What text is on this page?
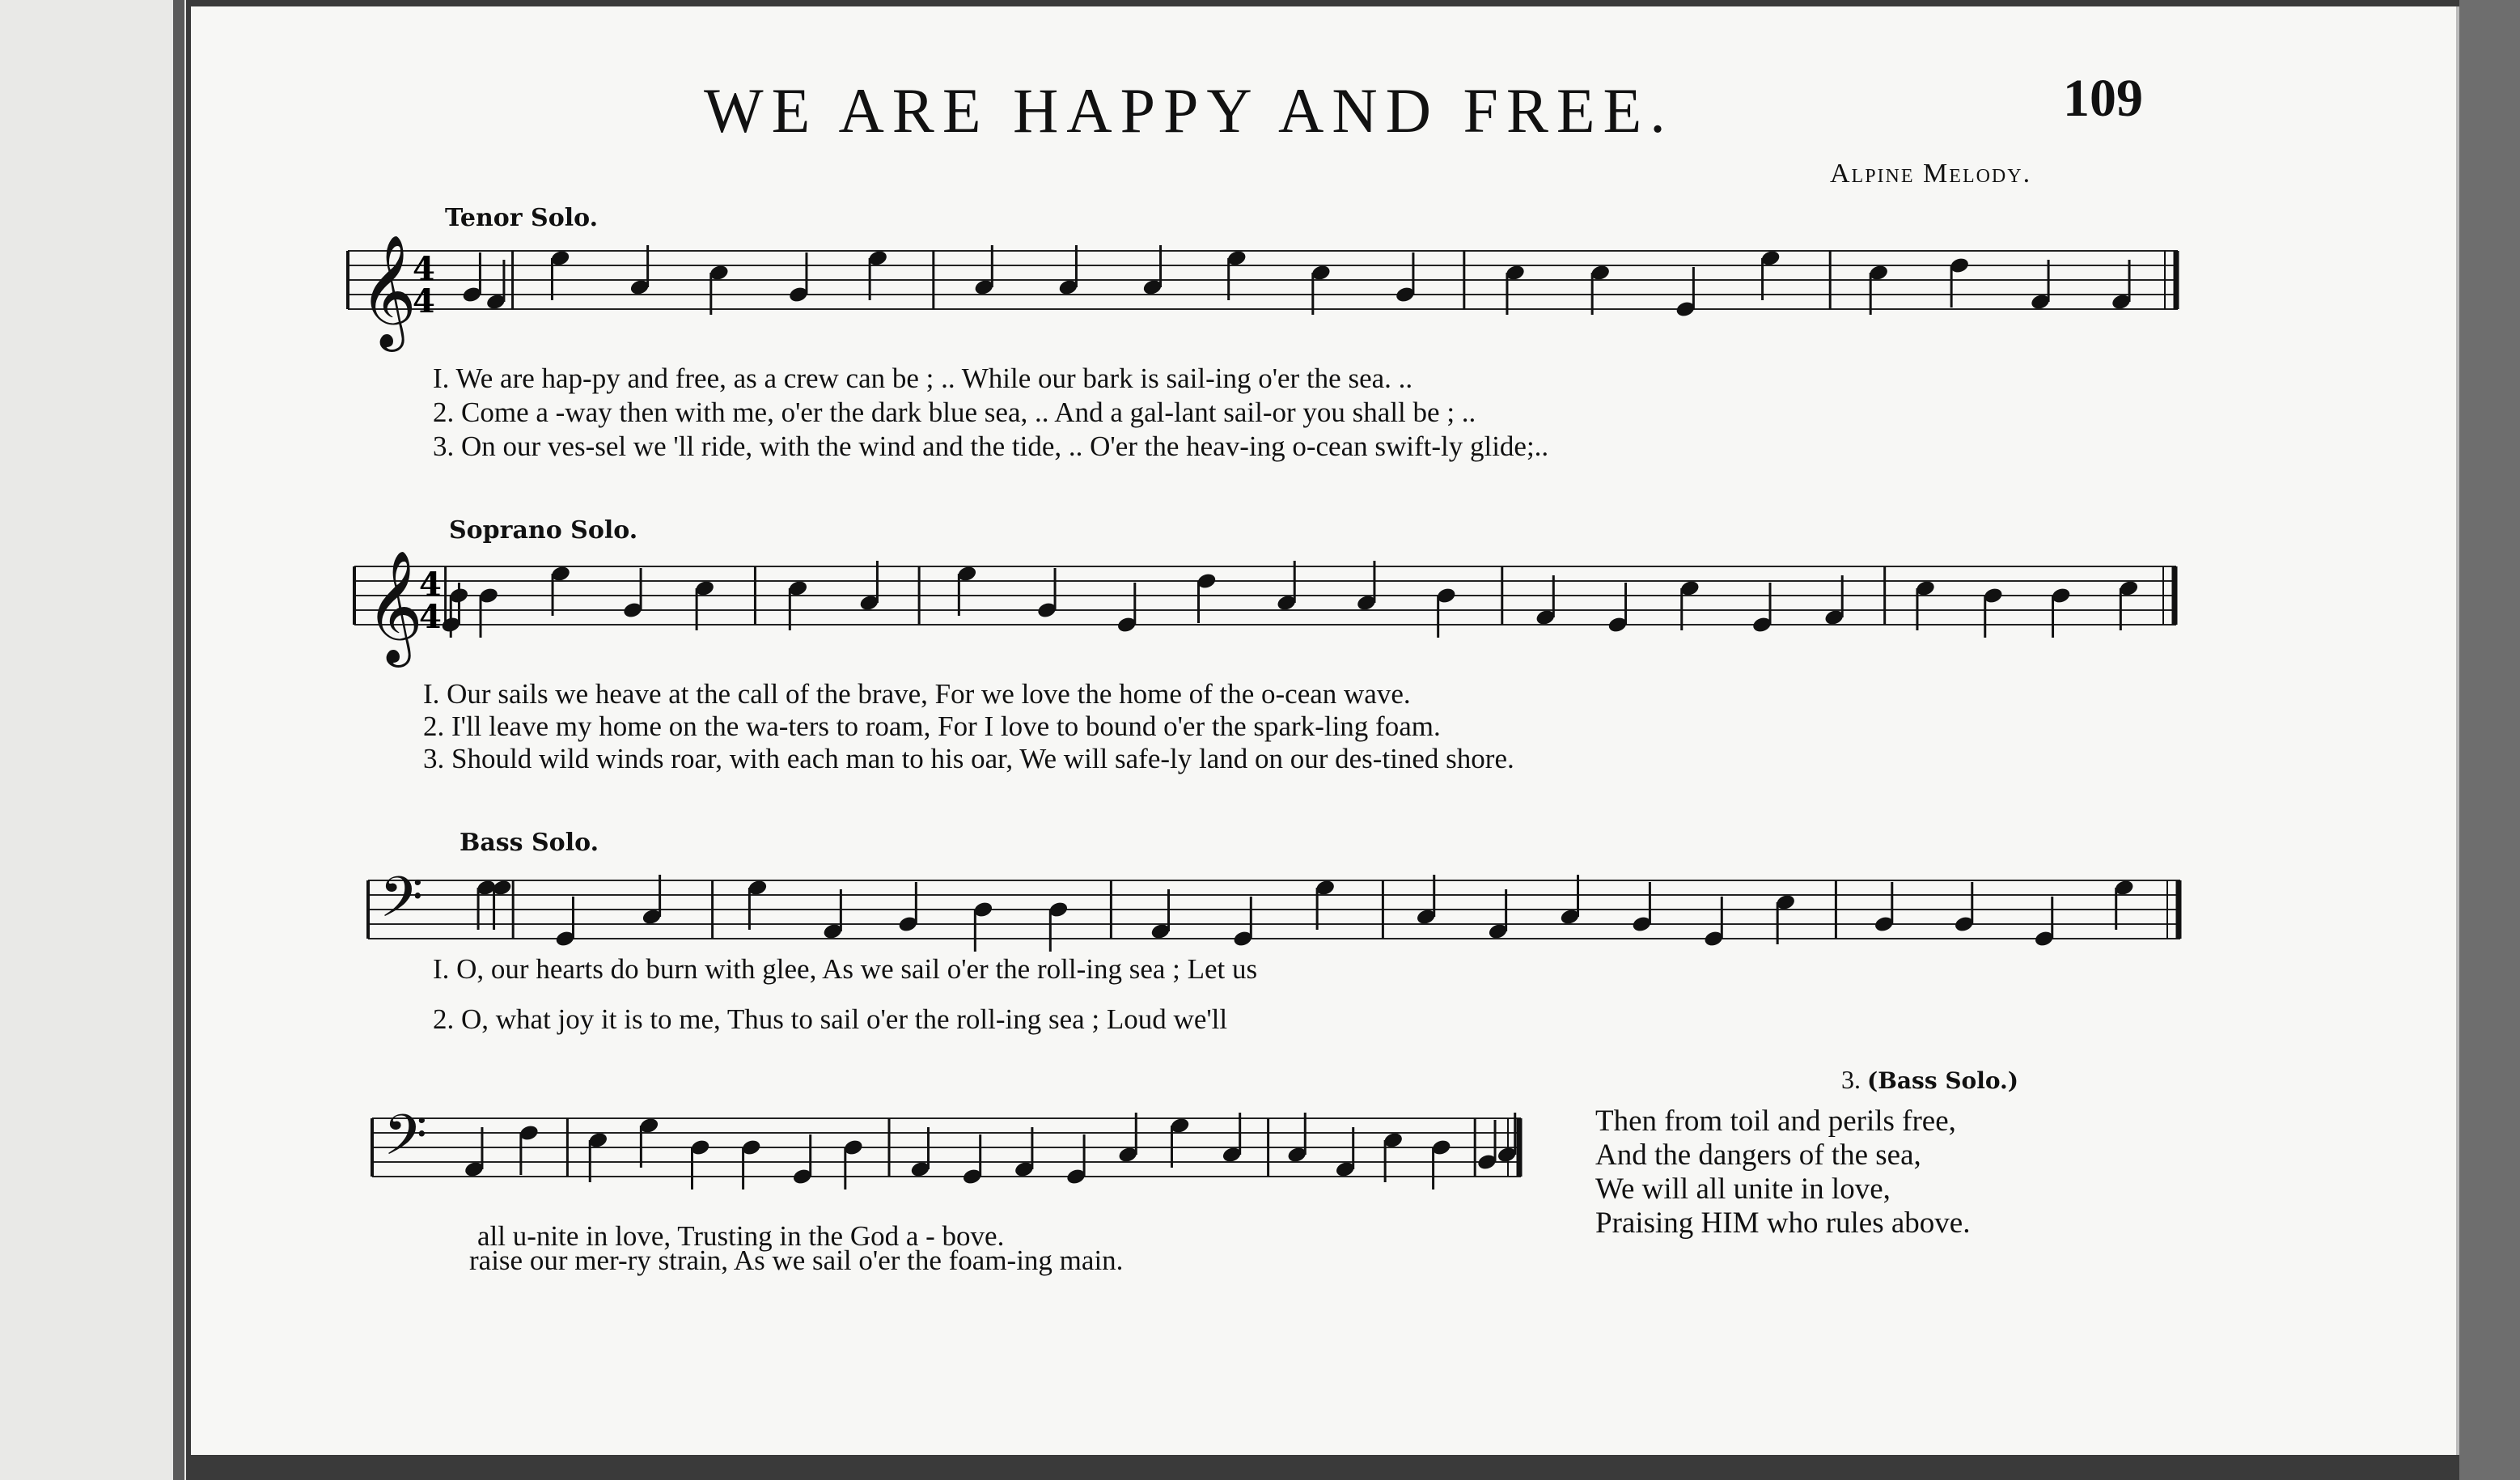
WE ARE HAPPY AND FREE.	109
Alpine Melody.
Tenor Solo.
𝄞
4
4
I. We are hap-py and free, as a crew can be ; .. While our bark is sail-ing o'er the sea. ..
2. Come a -way then with me, o'er the dark blue sea, .. And a gal-lant sail-or you shall be ; ..
3. On our ves-sel we 'll ride, with the wind and the tide, .. O'er the heav-ing o-cean swift-ly glide;..
Soprano Solo.
𝄞
4
4
I. Our sails we heave at the call of the brave, For we love the home of the o-cean wave.
2. I'll leave my home on the wa-ters to roam, For I love to bound o'er the spark-ling foam.
3. Should wild winds roar, with each man to his oar, We will safe-ly land on our des-tined shore.
Bass Solo.
𝄢
I. O, our hearts do burn with glee, As we sail o'er the roll-ing sea ; Let us
2. O, what joy it is to me, Thus to sail o'er the roll-ing sea ; Loud we'll
𝄢
all u-nite in love, Trusting in the God a - bove.
raise our mer-ry strain, As we sail o'er the foam-ing main.
3. (Bass Solo.)
Then from toil and perils free,
And the dangers of the sea,
We will all unite in love,
Praising HIM who rules above.
